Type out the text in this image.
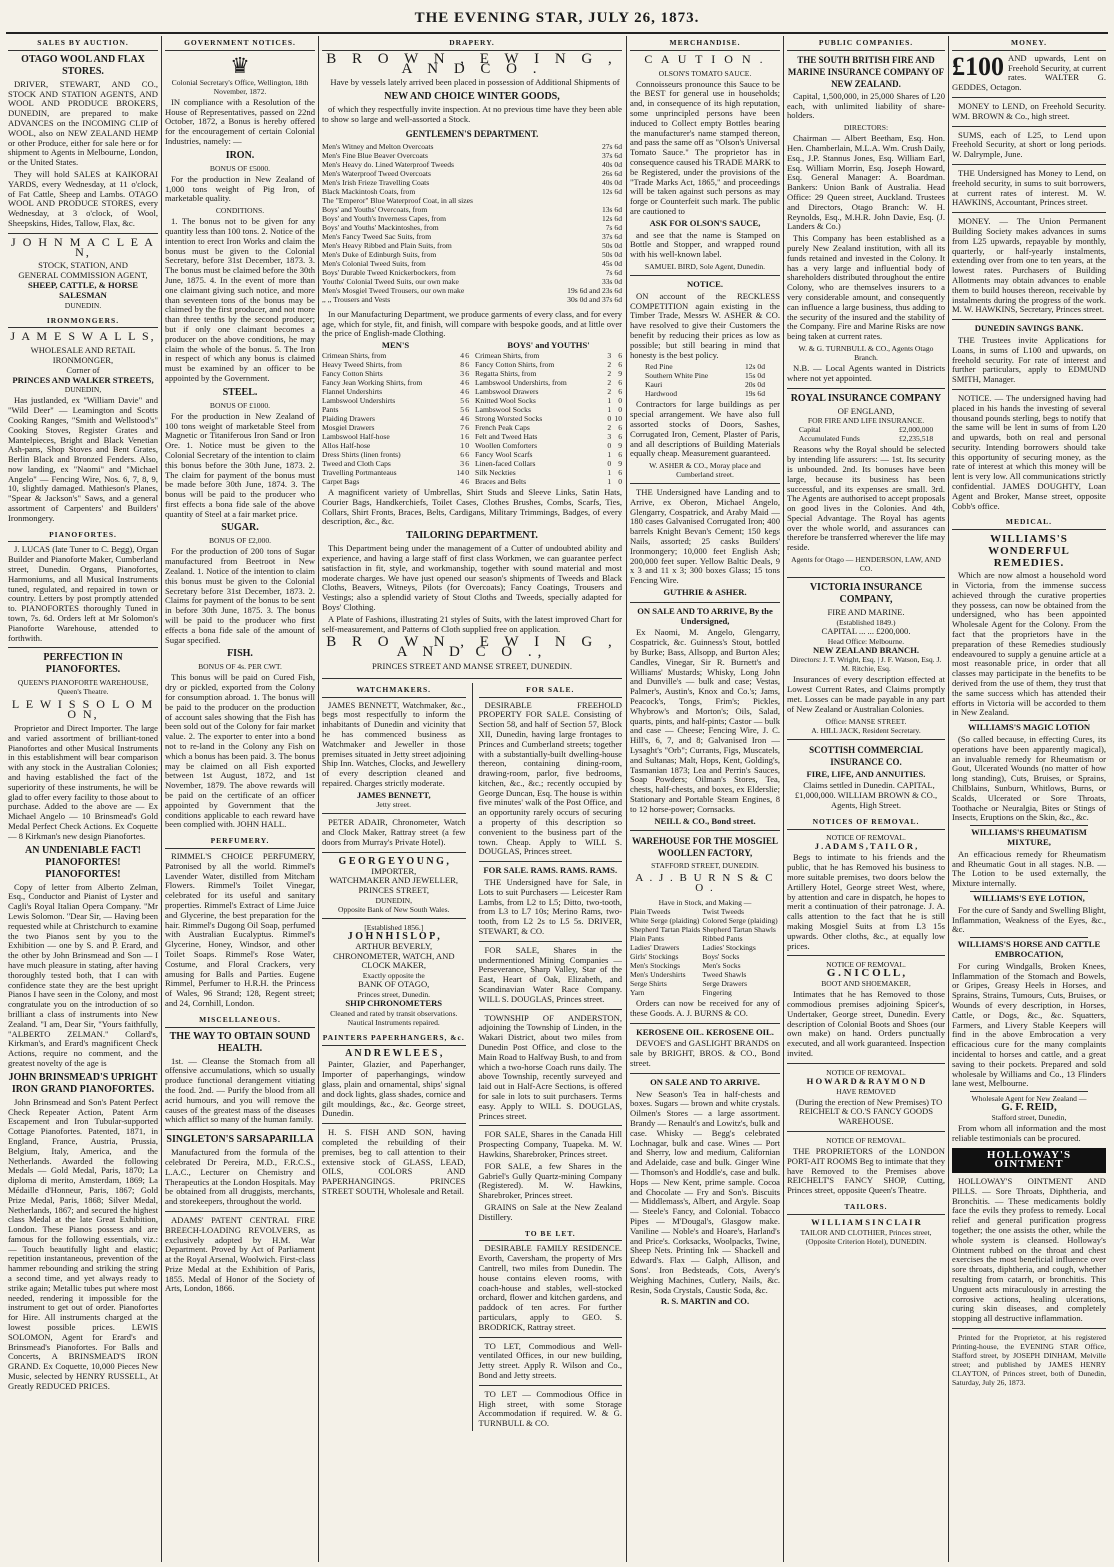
THE EVENING STAR, JULY 26, 1873.
SALES BY AUCTION.
OTAGO WOOL AND FLAX STORES.

DRIVER, STEWART, AND CO., STOCK AND STATION AGENTS, AND WOOL AND PRODUCE BROKERS, DUNEDIN, are prepared to make ADVANCES on the INCOMING CLIP of WOOL, also on NEW ZEALAND HEMP or other Produce, either for sale here or for shipment to Agents in Melbourne, London, or the United States.

They will hold SALES at KAIKORAI YARDS, every Wednesday, at 11 o'clock, of Fat Cattle, Sheep and Lambs. OTAGO WOOL AND PRODUCE STORES, every Wednesday, at 3 o'clock, of Wool, Sheepskins, Hides, Tallow, Flax, &c.

J O H N M A C L E A N,
STOCK, STATION, AND
GENERAL COMMISSION AGENT,
SHEEP, CATTLE, & HORSE SALESMAN
DUNEDIN.
IRONMONGERS.
J A M E S W A L L S,
WHOLESALE AND RETAIL
IRONMONGER,
Corner of
PRINCES AND WALKER STREETS,
DUNEDIN,

Has justlanded, ex "William Davie" and "Wild Deer" — Leamington and Scotts Cooking Ranges, "Smith and Wellstood's" Cooking Stoves, Register Grates and Mantelpieces, Bright and Black Venetian Ash-pans, Shop Stoves and Bent Grates, Berlin Black and Bronzed Fenders. Also, now landing, ex "Naomi" and "Michael Angelo" — Fencing Wire, Nos. 6, 7, 8, 9, 10, slightly damaged. Mathieson's Planes, "Spear & Jackson's" Saws, and a general assortment of Carpenters' and Builders' Ironmongery.

PIANOFORTES.

J. LUCAS (late Tuner to C. Begg), Organ Builder and Pianoforte Maker, Cumberland street, Dunedin. Organs, Pianofortes, Harmoniums, and all Musical Instruments tuned, regulated, and repaired in town or country. Letters by post promptly attended to. PIANOFORTES thoroughly Tuned in town, 7s. 6d. Orders left at Mr Solomon's Pianoforte Warehouse, attended to forthwith.

PERFECTION IN PIANOFORTES.
QUEEN'S PIANOFORTE WAREHOUSE, Queen's Theatre.
L E W I S S O L O M O N,

Proprietor and Direct Importer. The large and varied assortment of brilliant-toned Pianofortes and other Musical Instruments in this establishment will bear comparison with any stock in the Australian Colonies; and having established the fact of the superiority of these instruments, he will be glad to offer every facility to those about to purchase. Added to the above are — Ex Michael Angelo — 10 Brinsmead's Gold Medal Perfect Check Actions. Ex Coquette — 8 Kirkman's new design Pianofortes.

AN UNDENIABLE FACT! PIANOFORTES! PIANOFORTES!

Copy of letter from Alberto Zelman, Esq., Conductor and Pianist of Lyster and Cagli's Royal Italian Opera Company. "Mr Lewis Solomon. "Dear Sir, — Having been requested while at Christchurch to examine the two Pianos sent by you to the Exhibition — one by S. and P. Erard, and the other by John Brinsmead and Son — I have much pleasure in stating, after having thoroughly tested both, that I can with confidence state they are the best upright Pianos I have seen in the Colony, and most congratulate you on the introduction of so brilliant a class of instruments into New Zealand. "I am, Dear Sir, "Yours faithfully, "ALBERTO ZELMAN." Collard's, Kirkman's, and Erard's magnificent Check Actions, require no comment, and the greatest novelty of the age is

JOHN BRINSMEAD'S UPRIGHT IRON GRAND PIANOFORTES.

John Brinsmead and Son's Patent Perfect Check Repeater Action, Patent Arm Escapement and Iron Tubular-supported Cottage Pianofortes. Patented, 1871, in England, France, Austria, Prussia, Belgium, Italy, America, and the Netherlands. Awarded the following Medals — Gold Medal, Paris, 1870; La diploma di merito, Amsterdam, 1869; La Médaille d'Honneur, Paris, 1867; Gold Prize Medal, Paris, 1868; Silver Medal, Netherlands, 1867; and secured the highest class Medal at the late Great Exhibition, London. These Pianos possess and are famous for the following essentials, viz.: — Touch beautifully light and elastic; repetition instantaneous, prevention of the hammer rebounding and striking the string a second time, and yet always ready to strike again; Metallic tubes put where most needed, rendering it impossible for the instrument to get out of order. Pianofortes for Hire. All instruments charged at the lowest possible prices. LEWIS SOLOMON, Agent for Erard's and Brinsmead's Pianofortes. For Balls and Concerts, A BRINSMEAD'S IRON GRAND. Ex Coquette, 10,000 Pieces New Music, selected by HENRY RUSSELL, At Greatly REDUCED PRICES.

GOVERNMENT NOTICES.
♛
Colonial Secretary's Office, Wellington, 18th November, 1872.

IN compliance with a Resolution of the House of Representatives, passed on 22nd October, 1872, a Bonus is hereby offered for the encouragement of certain Colonial Industries, namely: —

IRON.
BONUS OF £5000.

For the production in New Zealand of 1,000 tons weight of Pig Iron, of marketable quality.

CONDITIONS.

1. The bonus not to be given for any quantity less than 100 tons. 2. Notice of the intention to erect Iron Works and claim the bonus must be given to the Colonial Secretary, before 31st December, 1873. 3. The bonus must be claimed before the 30th June, 1875. 4. In the event of more than one claimant giving such notice, and more than seventeen tons of the bonus may be claimed by the first producer, and not more than three tenths by the second producer; but if only one claimant becomes a producer on the above conditions, he may claim the whole of the bonus. 5. The Iron in respect of which any bonus is claimed must be examined by an officer to be appointed by the Government.

STEEL.
BONUS OF £1000.

For the production in New Zealand of 100 tons weight of marketable Steel from Magnetic or Titaniferous Iron Sand or Iron Ore. 1. Notice must be given to the Colonial Secretary of the intention to claim this bonus before the 30th June, 1873. 2. The claim for payment of the bonus must be made before 30th June, 1874. 3. The bonus will be paid to the producer who first effects a bona fide sale of the above quantity of Steel at a fair market price.

SUGAR.
BONUS OF £2,000.

For the production of 200 tons of Sugar manufactured from Beetroot in New Zealand. 1. Notice of the intention to claim this bonus must be given to the Colonial Secretary before 31st December, 1873. 2. Claims for payment of the bonus to be sent in before 30th June, 1875. 3. The bonus will be paid to the producer who first effects a bona fide sale of the amount of Sugar specified.

FISH.
BONUS OF 4s. PER CWT.

This bonus will be paid on Cured Fish, dry or pickled, exported from the Colony for consumption abroad. 1. The bonus will be paid to the producer on the production of account sales showing that the Fish has been sold out of the Colony for fair market value. 2. The exporter to enter into a bond not to re-land in the Colony any Fish on which a bonus has been paid. 3. The bonus may be claimed on all Fish exported between 1st August, 1872, and 1st November, 1879. The above rewards will be paid on the certificate of an officer appointed by Government that the conditions applicable to each reward have been complied with. JOHN HALL.

PERFUMERY.

RIMMEL'S CHOICE PERFUMERY, Patronised by all the world. Rimmel's Lavender Water, distilled from Mitcham Flowers. Rimmel's Toilet Vinegar, celebrated for its useful and sanitary properties. Rimmel's Extract of Lime Juice and Glycerine, the best preparation for the hair. Rimmel's Dugong Oil Soap, perfumed with Australian Eucalyptus. Rimmel's Glycerine, Honey, Windsor, and other Toilet Soaps. Rimmel's Rose Water, Costume, and Floral Crackers, very amusing for Balls and Parties. Eugene Rimmel, Perfumer to H.R.H. the Princess of Wales, 96 Strand; 128, Regent street; and 24, Cornhill, London.

MISCELLANEOUS.
THE WAY TO OBTAIN SOUND HEALTH.

1st. — Cleanse the Stomach from all offensive accumulations, which so usually produce functional derangement vitiating the food. 2nd. — Purify the blood from all acrid humours, and you will remove the causes of the greatest mass of the diseases which afflict so many of the human family.

SINGLETON'S SARSAPARILLA

Manufactured from the formula of the celebrated Dr Pereira, M.D., F.R.C.S., L.A.C., Lecturer on Chemistry and Therapeutics at the London Hospitals. May be obtained from all druggists, merchants, and storekeepers, throughout the world.

ADAMS' PATENT CENTRAL FIRE BREECH-LOADING REVOLVERS, as exclusively adopted by H.M. War Department. Proved by Act of Parliament at the Royal Arsenal, Woolwich. First-class Prize Medal at the Exhibition of Paris, 1855. Medal of Honor of the Society of Arts, London, 1866.

DRAPERY.
B R O W N , E W I N G , A N D C O .

Have by vessels lately arrived been placed in possession of Additional Shipments of

NEW AND CHOICE WINTER GOODS,

of which they respectfully invite inspection. At no previous time have they been able to show so large and well-assorted a Stock.

GENTLEMEN'S DEPARTMENT.
Men's Witney and Melton Overcoats	27s 6d
Men's Fine Blue Beaver Overcoats	37s 6d
Men's Heavy do. Lined Waterproof Tweeds	40s 0d
Men's Waterproof Tweed Overcoats	26s 6d
Men's Irish Frieze Travelling Coats	40s 0d
Black Mackintosh Coats, from	12s 6d
The "Emperor" Blue Waterproof Coat, in all sizes	
Boys' and Youths' Overcoats, from	13s 6d
Boys' and Youth's Inverness Capes, from	12s 6d
Boys' and Youths' Mackintoshes, from	7s 6d
Men's Fancy Tweed Sac Suits, from	37s 6d
Men's Heavy Ribbed and Plain Suits, from	50s 0d
Men's Duke of Edinburgh Suits, from	50s 0d
Men's Colonial Tweed Suits, from	45s 0d
Boys' Durable Tweed Knickerbockers, from	7s 6d
Youths' Colonial Tweed Suits, our own make	33s 0d
Men's Mosgiel Tweed Trousers, our own make	19s 6d and 23s 6d
,, ,, Trousers and Vests	30s 0d and 37s 6d

In our Manufacturing Department, we produce garments of every class, and for every age, which for style, fit, and finish, will compare with bespoke goods, and at little over the price of English-made Clothing.

MEN'S
Crimean Shirts, from	4	6
Heavy Tweed Shirts, from	8	6
Fancy Cotton Shirts	3	6
Fancy Jean Working Shirts, from	4	6
Flannel Undershirts	4	6
Lambswool Undershirts	5	6
Pants	5	6
Plaiding Drawers	4	6
Mosgiel Drawers	7	6
Lambswool Half-hose	1	6
Allos Half-hose	1	0
Dress Shirts (linen fronts)	6	6
Tweed and Cloth Caps	3	6
Travelling Portmanteaus	14	0
Carpet Bags	4	6
BOYS' and YOUTHS'
Crimean Shirts, from	3	6
Fancy Cotton Shirts, from	2	6
Regatta Shirts, from	2	9
Lambswool Undershirts, from	2	6
Lambswool Drawers	2	6
Knitted Wool Socks	1	0
Lambswool Socks	1	0
Strong Worsted Socks	0	10
French Peak Caps	2	6
Felt and Tweed Hats	3	6
Woollen Comforters	0	9
Fancy Wool Scarfs	1	6
Linen-faced Collars	0	9
Silk Neckties	1	6
Braces and Belts	1	0

A magnificent variety of Umbrellas, Shirt Studs and Sleeve Links, Satin Hats, Courier Bags, Handkerchiefs, Toilet Cases, Clothes Brushes, Combs, Scarfs, Ties, Collars, Shirt Fronts, Braces, Belts, Cardigans, Military Trimmings, Badges, of every description, &c., &c.

TAILORING DEPARTMENT.

This Department being under the management of a Cutter of undoubted ability and experience, and having a large staff of first class Workmen, we can guarantee perfect satisfaction in fit, style, and workmanship, together with sound material and most moderate charges. We have just opened our season's shipments of Tweeds and Black Cloths, Beavers, Witneys, Pilots (for Overcoats); Fancy Coatings, Trousers and Vestings; also a splendid variety of Stout Cloths and Tweeds, specially adapted for Boys' Clothing.

A Plate of Fashions, illustrating 21 styles of Suits, with the latest improved Chart for self-measurement, and Patterns of Cloth supplied free on application.

B R O W N , E W I N G , A N D C O .,
PRINCES STREET AND MANSE STREET, DUNEDIN.
WATCHMAKERS.

JAMES BENNETT, Watchmaker, &c., begs most respectfully to inform the inhabitants of Dunedin and vicinity that he has commenced business as Watchmaker and Jeweller in those premises situated in Jetty street adjoining Ship Inn. Watches, Clocks, and Jewellery of every description cleaned and repaired. Charges strictly moderate.

JAMES BENNETT,
Jetty street.

PETER ADAIR, Chronometer, Watch and Clock Maker, Rattray street (a few doors from Murray's Private Hotel).

G E O R G E Y O U N G ,
IMPORTER,
WATCHMAKER AND JEWELLER,
PRINCES STREET,
DUNEDIN,
Opposite Bank of New South Wales.
[Established 1856.]
J O H N H I S L O P ,
ARTHUR BEVERLY,
CHRONOMETER, WATCH, AND
CLOCK MAKER,
Exactly opposite the
BANK OF OTAGO,
Princes street, Dunedin.
SHIP CHRONOMETERS
Cleaned and rated by transit observations. Nautical Instruments repaired.
PAINTERS PAPERHANGERS, &c.
A N D R E W L E E S ,

Painter, Glazier, and Paperhanger, Importer of paperhangings, window glass, plain and ornamental, ships' signal and dock lights, glass shades, cornice and gilt mouldings, &c., &c. George street, Dunedin.

H. S. FISH AND SON, having completed the rebuilding of their premises, beg to call attention to their extensive stock of GLASS, LEAD, OILS, COLORS AND PAPERHANGINGS. PRINCES STREET SOUTH, Wholesale and Retail.

FOR SALE.

DESIRABLE FREEHOLD PROPERTY FOR SALE. Consisting of Section 58, and half of Section 57, Block XII, Dunedin, having large frontages to Princes and Cumberland streets; together with a substantially-built dwelling-house thereon, containing dining-room, drawing-room, parlor, five bedrooms, kitchen, &c., &c.; recently occupied by George Duncan, Esq. The house is within five minutes' walk of the Post Office, and an opportunity rarely occurs of securing a property of this description so convenient to the business part of the town. Cheap. Apply to WILL S. DOUGLAS, Princes street.

FOR SALE. RAMS. RAMS. RAMS.

THE Undersigned have for Sale, in Lots to suit Purchasers — Leicester Ram Lambs, from L2 to L5; Ditto, two-tooth, from L3 to L7 10s; Merino Rams, two-tooth, from L2 2s to L5 5s. DRIVER, STEWART, & CO.

FOR SALE, Shares in the undermentioned Mining Companies — Perseverance, Sharp Valley, Star of the East, Heart of Oak, Elizabeth, and Scandinavian Water Race Company. WILL S. DOUGLAS, Princes street.

TOWNSHIP OF ANDERSTON, adjoining the Township of Linden, in the Wakari District, about two miles from Dunedin Post Office, and close to the Main Road to Halfway Bush, to and from which a two-horse Coach runs daily. The above Township, recently surveyed and laid out in Half-Acre Sections, is offered for sale in lots to suit purchasers. Terms easy. Apply to WILL S. DOUGLAS, Princes street.

FOR SALE, Shares in the Canada Hill Prospecting Company, Tuapeka. M. W. Hawkins, Sharebroker, Princes street.

FOR SALE, a few Shares in the Gabriel's Gully Quartz-mining Company (Registered). M. W. Hawkins, Sharebroker, Princes street.

GRAINS on Sale at the New Zealand Distillery.

TO BE LET.

DESIRABLE FAMILY RESIDENCE. Evorth, Caversham, the property of Mrs Cantrell, two miles from Dunedin. The house contains eleven rooms, with coach-house and stables, well-stocked orchard, flower and kitchen gardens, and paddock of ten acres. For further particulars, apply to GEO. S. BRODRICK, Rattray street.

TO LET, Commodious and Well-ventilated Offices, in our new building, Jetty street. Apply R. Wilson and Co., Bond and Jetty streets.

TO LET — Commodious Office in High street, with some Storage Accommodation if required. W. & G. TURNBULL & CO.

MERCHANDISE.
C A U T I O N .
OLSON'S TOMATO SAUCE.

Connoisseurs pronounce this Sauce to be the BEST for general use in households; and, in consequence of its high reputation, some unprincipled persons have been induced to Collect empty Bottles bearing the manufacturer's name stamped thereon, and pass the same off as "Olson's Universal Tomato Sauce." The proprietor has in consequence caused his TRADE MARK to be Registered, under the provisions of the "Trade Marks Act, 1865," and proceedings will be taken against such persons as may forge or Counterfeit such mark. The public are cautioned to

ASK FOR OLSON'S SAUCE,

and see that the name is Stamped on Bottle and Stopper, and wrapped round with his well-known label.

SAMUEL BIRD, Sole Agent, Dunedin.
NOTICE.

ON account of the RECKLESS COMPETITION again existing in the Timber Trade, Messrs W. ASHER & CO. have resolved to give their Customers the benefit by reducing their prices as low as possible; but still bearing in mind that honesty is the best policy.

Red Pine	12s 0d
Southern White Pine	15s 0d
Kauri	20s 0d
Hardwood	19s 6d

Contractors for large buildings as per special arrangement. We have also full assorted stocks of Doors, Sashes, Corrugated Iron, Cement, Plaster of Paris, and all descriptions of Building Materials equally cheap. Measurement guaranteed.

W. ASHER & CO., Moray place and Cumberland street.

THE Undersigned have Landing and to Arrive, ex Oberon, Michael Angelo, Glengarry, Cospatrick, and Araby Maid — 180 cases Galvanised Corrugated Iron; 400 barrels Knight Bevan's Cement; 150 kegs Nails, assorted; 25 casks Builders' Ironmongery; 10,000 feet English Ash; 200,000 feet super. Yellow Baltic Deals, 9 x 3 and 11 x 3; 300 boxes Glass; 15 tons Fencing Wire.

GUTHRIE & ASHER.
ON SALE AND TO ARRIVE, By the Undersigned,

Ex Naomi, M. Angelo, Glengarry, Cospatrick, &c. Guinness's Stout, bottled by Burke; Bass, Allsopp, and Burton Ales; Candles, Vinegar, Sir R. Burnett's and Williams' Mustards; Whisky, Long John and Dunville's — bulk and case; Vestas, Palmer's, Austin's, Knox and Co.'s; Jams, Peacock's, Tongs, Frim's; Pickles, Whybrow's and Morton's; Oils, Salad, quarts, pints, and half-pints; Castor — bulk and case — Cheese; Fencing Wire, J. C. Hill's, 6, 7, and 8; Galvanised Iron — Lysaght's "Orb"; Currants, Figs, Muscatels, and Sultanas; Malt, Hops, Kent, Golding's, Tasmanian 1873; Lea and Perrin's Sauces, Soap Powders; Oilman's Stores, Tea, chests, half-chests, and boxes, ex Elderslie; Stationary and Portable Steam Engines, 8 to 12 horse-power; Cornsacks.

NEILL & CO., Bond street.
WAREHOUSE FOR THE MOSGIEL WOOLLEN FACTORY,
STAFFORD STREET, DUNEDIN.
A . J . B U R N S & C O .
Have in Stock, and Making —
Plain Tweeds	Twist Tweeds
White Serge (plaiding)	Colored Serge (plaiding)
Shepherd Tartan Plaids	Shepherd Tartan Shawls
Plain Pants	Ribbed Pants
Ladies' Drawers	Ladies' Stockings
Girls' Stockings	Boys' Socks
Men's Stockings	Men's Socks
Men's Undershirts	Tweed Shawls
Serge Shirts	Serge Drawers
Yarn	Fingering

Orders can now be received for any of these Goods. A. J. BURNS & CO.

KEROSENE OIL. KEROSENE OIL.

DEVOE'S and GASLIGHT BRANDS on sale by BRIGHT, BROS. & CO., Bond street.

ON SALE AND TO ARRIVE.

New Season's Tea in half-chests and boxes. Sugars — brown and white crystals. Oilmen's Stores — a large assortment. Brandy — Renault's and Lowitz's, bulk and case. Whisky — Begg's celebrated Lochnagar, bulk and case. Wines — Port and Sherry, low and medium, Californian and Adelaide, case and bulk. Ginger Wine — Thomson's and Hoddle's, case and bulk. Hops — New Kent, prime sample. Cocoa and Chocolate — Fry and Son's. Biscuits — Middlemass's, Albert, and Argyle. Soap — Steele's Fancy, and Colonial. Tobacco Pipes — M'Dougal's, Glasgow make. Vaniline — Noble's and Hoare's, Harland's and Price's. Corksacks, Woolpacks, Twine, Sheep Nets. Printing Ink — Shackell and Edward's. Flax — Galph, Allison, and Sons'. Iron Bedsteads, Cots, Avery's Weighing Machines, Cutlery, Nails, &c. Resin, Soda Crystals, Caustic Soda, &c.

R. S. MARTIN and CO.
PUBLIC COMPANIES.
THE SOUTH BRITISH FIRE AND MARINE INSURANCE COMPANY OF NEW ZEALAND.

Capital, 1,500,000, in 25,000 Shares of L20 each, with unlimited liability of share-holders.

DIRECTORS:

Chairman — Albert Beetham, Esq. Hon. Hen. Chamberlain, M.L.A. Wm. Crush Daily, Esq., J.P. Stannus Jones, Esq. William Earl, Esq. William Morrin, Esq. Joseph Howard, Esq. General Manager: A. Boardman. Bankers: Union Bank of Australia. Head Office: 29 Queen street, Auckland. Trustees and Directors, Otago Branch: W. H. Reynolds, Esq., M.H.R. John Davie, Esq. (J. Landers & Co.)

This Company has been established as a purely New Zealand institution, with all its funds retained and invested in the Colony. It has a very large and influential body of shareholders distributed throughout the entire Colony, who are themselves insurers to a very considerable amount, and consequently can influence a large business, thus adding to the security of the insured and the stability of the Company. Fire and Marine Risks are now being taken at current rates.

W. & G. TURNBULL & CO., Agents Otago Branch.

N.B. — Local Agents wanted in Districts where not yet appointed.

ROYAL INSURANCE COMPANY
OF ENGLAND,
FOR FIRE AND LIFE INSURANCE.
Capital	£2,000,000
Accumulated Funds	£2,235,518

Reasons why the Royal should be selected by intending life assurers: — 1st. Its security is unbounded. 2nd. Its bonuses have been large, because its business has been successful, and its expenses are small. 3rd. The Agents are authorised to accept proposals on good lives in the Colonies. And 4th, Special Advantage. The Royal has agents over the whole world, and assurances can therefore be transferred wherever the life may reside.

Agents for Otago — HENDERSON, LAW, AND CO.
VICTORIA INSURANCE COMPANY,
FIRE AND MARINE.
(Established 1849.)
CAPITAL ... ... £200,000.
Head Office: Melbourne.
NEW ZEALAND BRANCH.
Directors: J. T. Wright, Esq. | J. F. Watson, Esq. J. M. Ritchie, Esq.

Insurances of every description effected at Lowest Current Rates, and Claims promptly met. Losses can be made payable in any part of New Zealand or Australian Colonies.

Office: MANSE STREET.
A. HILL JACK, Resident Secretary.
SCOTTISH COMMERCIAL INSURANCE CO.
FIRE, LIFE, AND ANNUITIES.

Claims settled in Dunedin. CAPITAL, £1,000,000. WILLIAM BROWN & CO., Agents, High Street.

NOTICES OF REMOVAL.
NOTICE OF REMOVAL.
J . A D A M S , T A I L O R ,

Begs to intimate to his friends and the public, that he has Removed his business to more suitable premises, two doors below the Artillery Hotel, George street West, where, by attention and care in dispatch, he hopes to merit a continuation of their patronage. J. A. calls attention to the fact that he is still making Mosgiel Suits at from L3 15s upwards. Other cloths, &c., at equally low prices.

NOTICE OF REMOVAL.
G . N I C O L L ,
BOOT AND SHOEMAKER,

Intimates that he has Removed to those commodious premises adjoining Spicer's, Undertaker, George street, Dunedin. Every description of Colonial Boots and Shoes (our own make) on hand. Orders punctually executed, and all work guaranteed. Inspection invited.

NOTICE OF REMOVAL.
H O W A R D & R A Y M O N D
HAVE REMOVED

(During the erection of New Premises) TO REICHELT & CO.'S FANCY GOODS WAREHOUSE.

NOTICE OF REMOVAL.

THE PROPRIETORS of the LONDON PORT-AIT ROOMS Beg to intimate that they have Removed to the Premises above REICHELT'S FANCY SHOP, Cutting, Princes street, opposite Queen's Theatre.

TAILORS.
W I L L I A M S I N C L A I R
TAILOR AND CLOTHIER, Princes street, (Opposite Criterion Hotel), DUNEDIN.
MONEY.
£100 AND upwards, Lent on Freehold Security, at current rates. WALTER G. GEDDES, Octagon.

MONEY to LEND, on Freehold Security. WM. BROWN & Co., high street.

SUMS, each of L25, to Lend upon Freehold Security, at short or long periods. W. Dalrymple, June.

THE Undersigned has Money to Lend, on freehold security, in sums to suit borrowers, at current rates of interest. M. W. HAWKINS, Accountant, Princes street.

MONEY. — The Union Permanent Building Society makes advances in sums from L25 upwards, repayable by monthly, quarterly, or half-yearly instalments, extending over from one to ten years, at the lowest rates. Purchasers of Building Allotments may obtain advances to enable them to build houses thereon, receivable by instalments during the progress of the work. M. W. HAWKINS, Secretary, Princes street.

DUNEDIN SAVINGS BANK.

THE Trustees invite Applications for Loans, in sums of L100 and upwards, on freehold security. For rate of interest and further particulars, apply to EDMUND SMITH, Manager.

NOTICE. — The undersigned having had placed in his hands the investing of several thousand pounds sterling, begs to notify that the same will be lent in sums of from L20 and upwards, both on real and personal security. Intending borrowers should take this opportunity of securing money, as the rate of interest at which this money will be lent is very low. All communications strictly confidential. JAMES DOUGHTY, Loan Agent and Broker, Manse street, opposite Cobb's office.

MEDICAL.
WILLIAMS'S WONDERFUL REMEDIES.

Which are now almost a household word in Victoria, from the immense success achieved through the curative properties they possess, can now be obtained from the undersigned, who has been appointed Wholesale Agent for the Colony. From the fact that the proprietors have in the preparation of these Remedies studiously endeavoured to supply a genuine article at a most reasonable price, in order that all classes may participate in the benefits to be derived from the use of them, they trust that the same success which has attended their efforts in Victoria will be accorded to them in New Zealand.

WILLIAMS'S MAGIC LOTION

(So called because, in effecting Cures, its operations have been apparently magical), an invaluable remedy for Rheumatism or Gout, Ulcerated Wounds (no matter of how long standing), Cuts, Bruises, or Sprains, Chilblains, Sunburn, Whitlows, Burns, or Scalds, Ulcerated or Sore Throats, Toothache or Neuralgia, Bites or Stings of Insects, Eruptions on the Skin, &c., &c.

WILLIAMS'S RHEUMATISM MIXTURE,

An efficacious remedy for Rheumatism and Rheumatic Gout in all stages. N.B. — The Lotion to be used externally, the Mixture internally.

WILLIAMS'S EYE LOTION,

For the cure of Sandy and Swelling Blight, Inflammation, Weakness of the Eyes, &c., &c.

WILLIAMS'S HORSE AND CATTLE EMBROCATION,

For curing Windgalls, Broken Knees, Inflammation of the Stomach and Bowels, or Gripes, Greasy Heels in Horses, and Sprains, Strains, Tumours, Cuts, Bruises, or Wounds of every description, in Horses, Cattle, or Dogs, &c., &c. Squatters, Farmers, and Livery Stable Keepers will find in the above Embrocation a very efficacious cure for the many complaints incidental to horses and cattle, and a great saving to their pockets. Prepared and sold wholesale by Williams and Co., 13 Flinders lane west, Melbourne.

Wholesale Agent for New Zealand —
G. F. REID,
Stafford street, Dunedin,

From whom all information and the most reliable testimonials can be procured.

HOLLOWAY'S OINTMENT

HOLLOWAY'S OINTMENT AND PILLS. — Sore Throats, Diphtheria, and Bronchitis. — These medicaments boldly face the evils they profess to remedy. Local relief and general purification progress together; the one assists the other, while the whole system is cleansed. Holloway's Ointment rubbed on the throat and chest exercises the most beneficial influence over sore throats, diphtheria, and cough, whether resulting from catarrh, or bronchitis. This Unguent acts miraculously in arresting the corrosive actions, healing ulcerations, curing skin diseases, and completely stopping all destructive inflammation.

Printed for the Proprietor, at his registered Printing-house, the EVENING STAR Office, Stafford street, by JOSEPH DINHAM, Melville street; and published by JAMES HENRY CLAYTON, of Princes street, both of Dunedin, Saturday, July 26, 1873.
